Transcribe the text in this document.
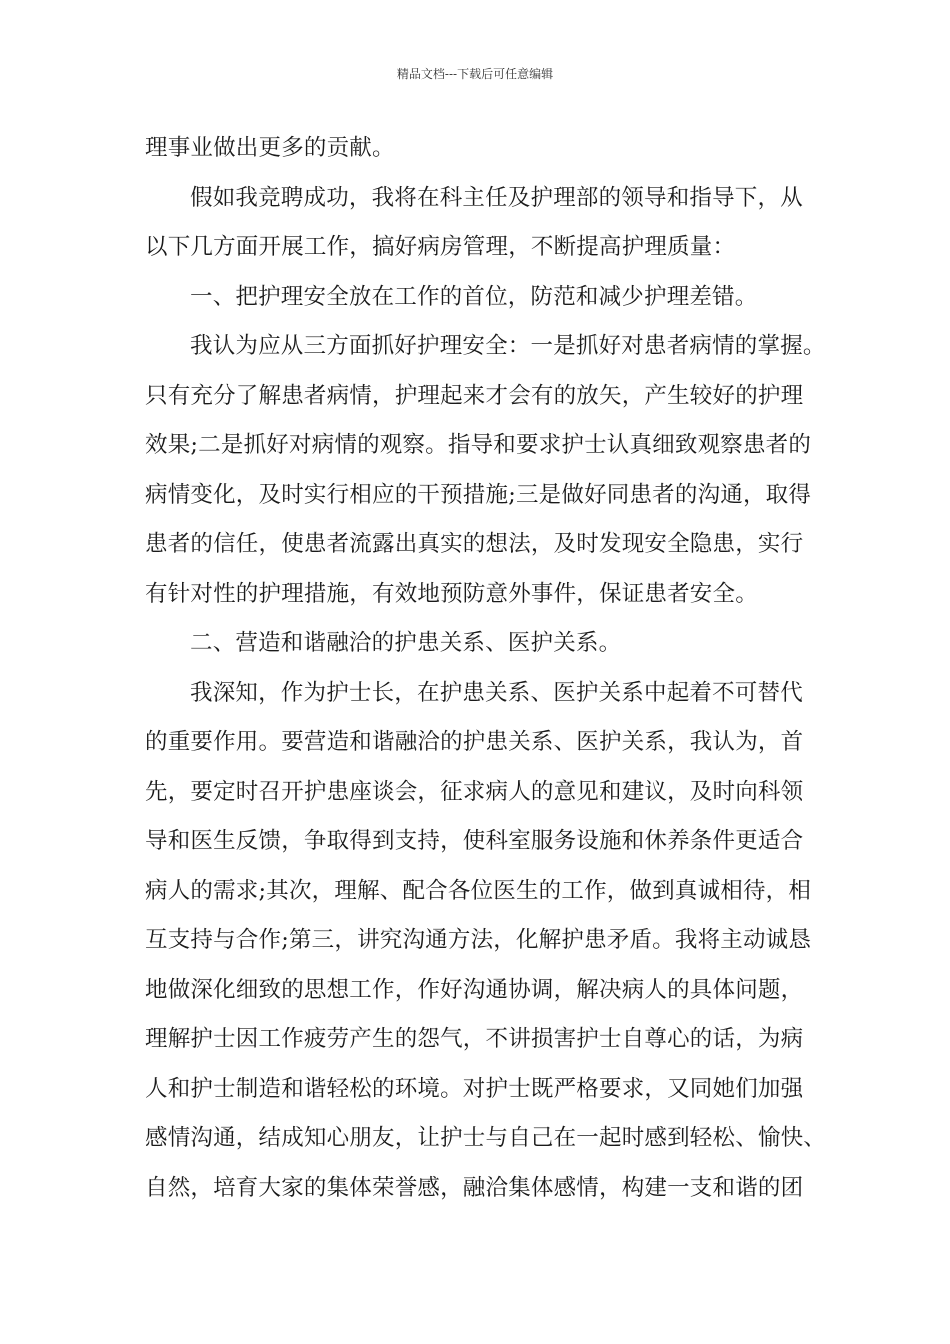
精品文档---下载后可任意编辑
理事业做出更多的贡献。
假如我竞聘成功，我将在科主任及护理部的领导和指导下，从
以下几方面开展工作，搞好病房管理，不断提高护理质量：
一、把护理安全放在工作的首位，防范和减少护理差错。
我认为应从三方面抓好护理安全：一是抓好对患者病情的掌握。
只有充分了解患者病情，护理起来才会有的放矢，产生较好的护理
效果;二是抓好对病情的观察。指导和要求护士认真细致观察患者的
病情变化，及时实行相应的干预措施;三是做好同患者的沟通，取得
患者的信任，使患者流露出真实的想法，及时发现安全隐患，实行
有针对性的护理措施，有效地预防意外事件，保证患者安全。
二、营造和谐融洽的护患关系、医护关系。
我深知，作为护士长，在护患关系、医护关系中起着不可替代
的重要作用。要营造和谐融洽的护患关系、医护关系，我认为，首
先，要定时召开护患座谈会，征求病人的意见和建议，及时向科领
导和医生反馈，争取得到支持，使科室服务设施和休养条件更适合
病人的需求;其次，理解、配合各位医生的工作，做到真诚相待，相
互支持与合作;第三，讲究沟通方法，化解护患矛盾。我将主动诚恳
地做深化细致的思想工作，作好沟通协调，解决病人的具体问题，
理解护士因工作疲劳产生的怨气，不讲损害护士自尊心的话，为病
人和护士制造和谐轻松的环境。对护士既严格要求，又同她们加强
感情沟通，结成知心朋友，让护士与自己在一起时感到轻松、愉快、
自然，培育大家的集体荣誉感，融洽集体感情，构建一支和谐的团
